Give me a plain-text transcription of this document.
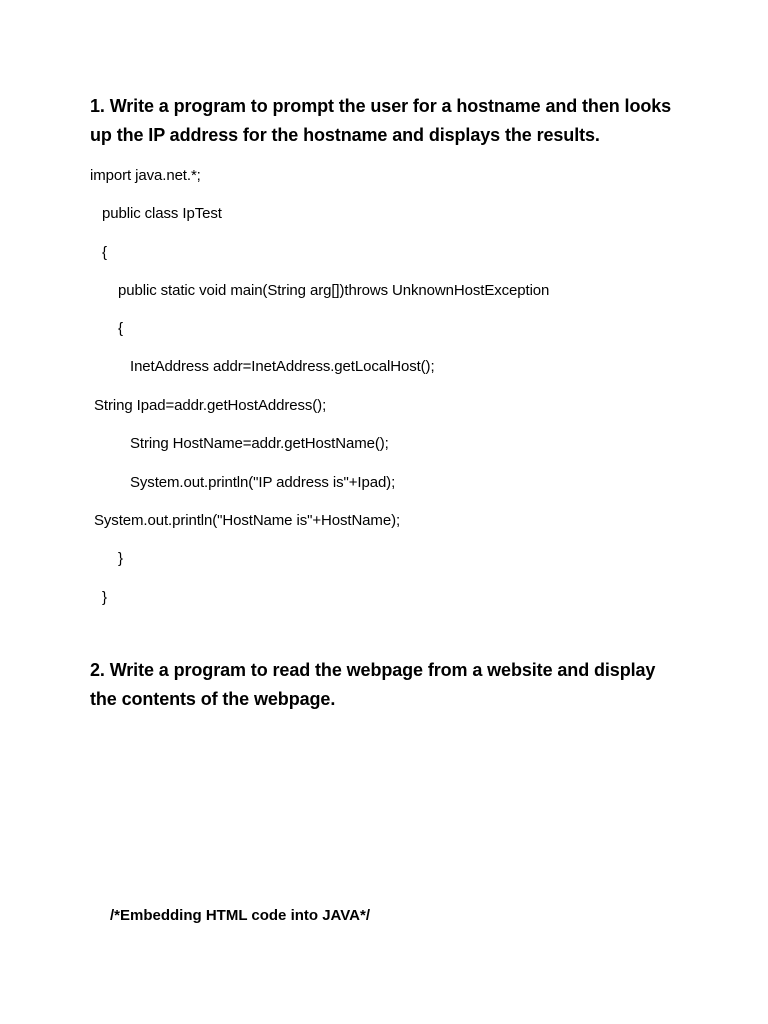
1. Write a program to prompt the user for a hostname and then looks
up the IP address for the hostname and displays the results.
import java.net.*;
public class IpTest
{
public static void main(String arg[])throws UnknownHostException
{
InetAddress addr=InetAddress.getLocalHost();
String Ipad=addr.getHostAddress();
String HostName=addr.getHostName();
System.out.println("IP address is"+Ipad);
System.out.println("HostName is"+HostName);
}
}
2. Write a program to read the webpage from a website and display
the contents of the webpage.
/*Embedding HTML code into JAVA*/
